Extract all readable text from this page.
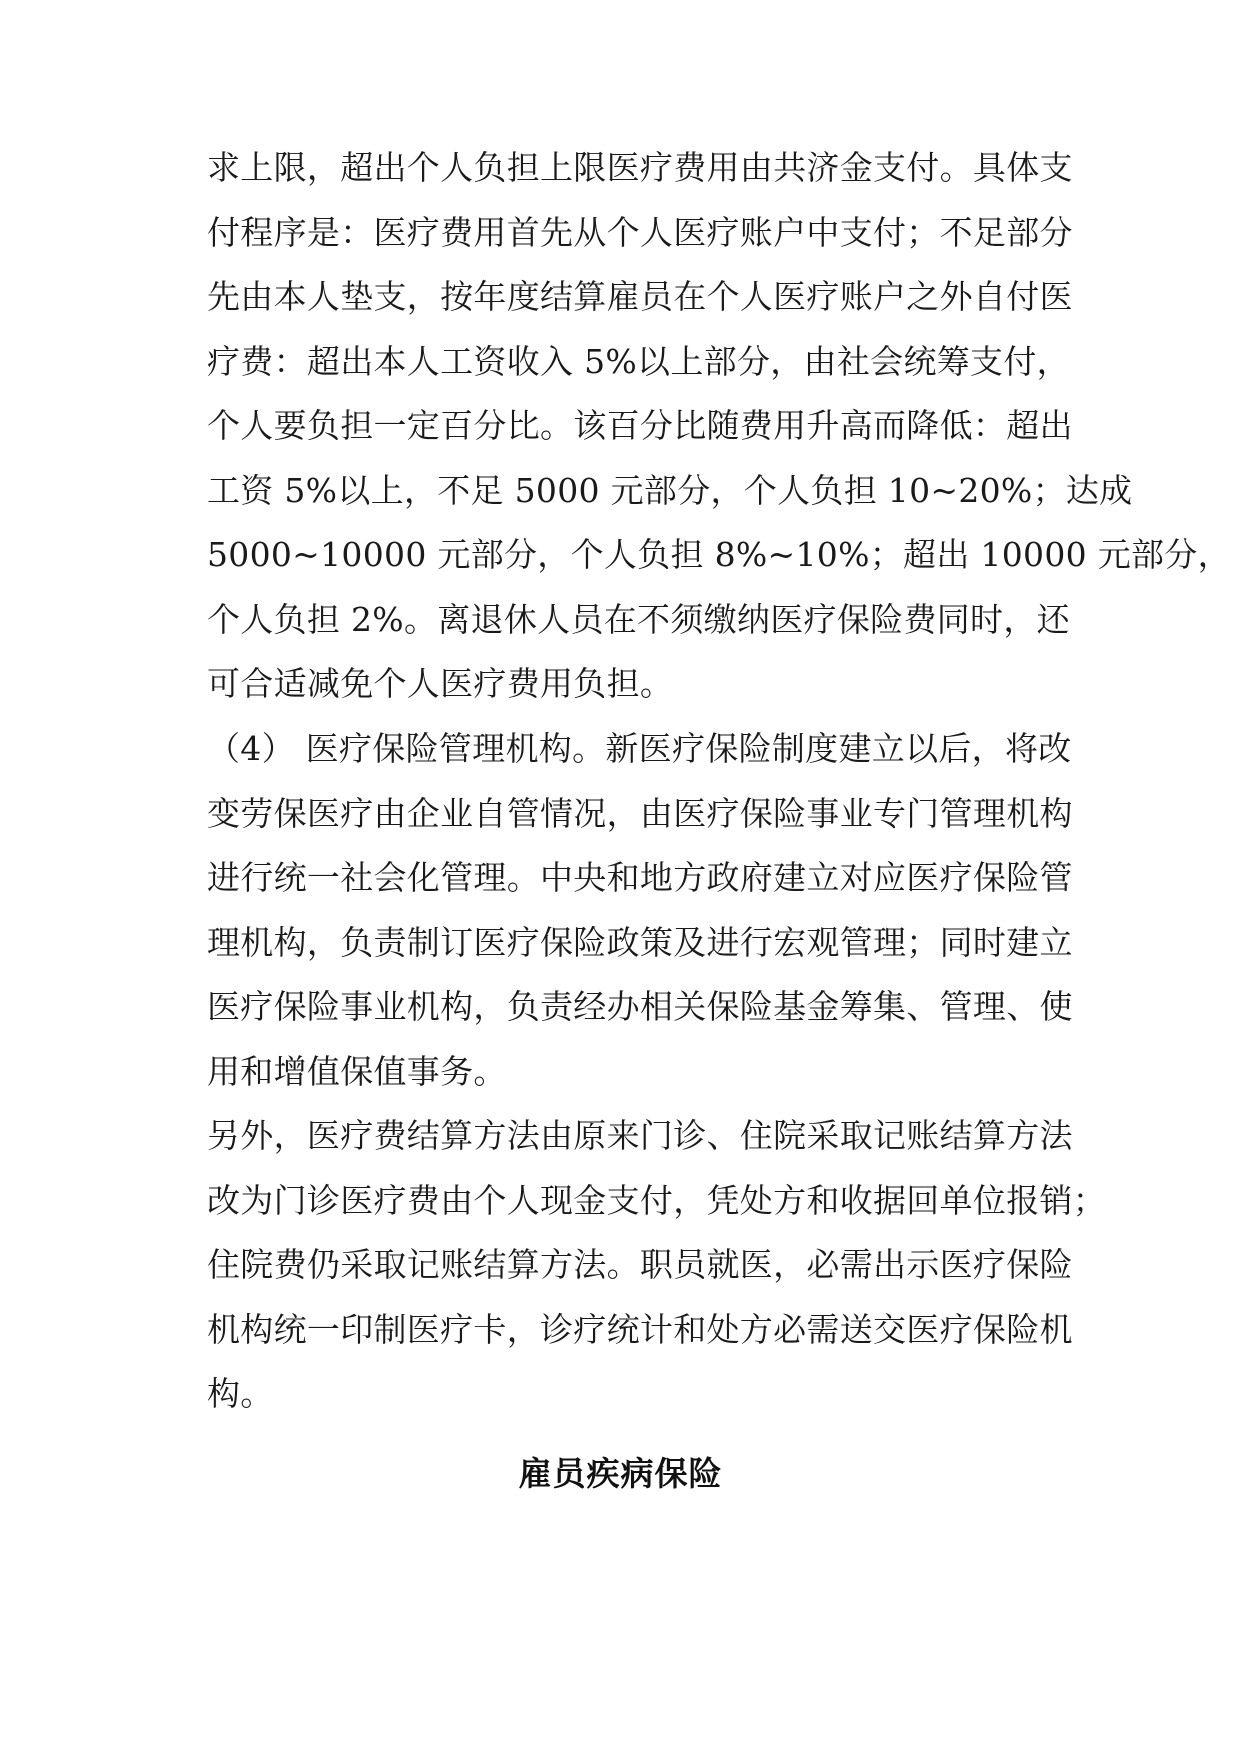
求上限，超出个人负担上限医疗费用由共济金支付。具体支
付程序是：医疗费用首先从个人医疗账户中支付；不足部分
先由本人垫支，按年度结算雇员在个人医疗账户之外自付医
疗费：超出本人工资收入 5%以上部分，由社会统筹支付，
个人要负担一定百分比。该百分比随费用升高而降低：超出
工资 5%以上，不足 5000 元部分，个人负担 10~20%；达成
5000~10000 元部分，个人负担 8%~10%；超出 10000 元部分，
个人负担 2%。离退休人员在不须缴纳医疗保险费同时，还
可合适减免个人医疗费用负担。
（4） 医疗保险管理机构。新医疗保险制度建立以后，将改
变劳保医疗由企业自管情况，由医疗保险事业专门管理机构
进行统一社会化管理。中央和地方政府建立对应医疗保险管
理机构，负责制订医疗保险政策及进行宏观管理；同时建立
医疗保险事业机构，负责经办相关保险基金筹集、管理、使
用和增值保值事务。
另外，医疗费结算方法由原来门诊、住院采取记账结算方法
改为门诊医疗费由个人现金支付，凭处方和收据回单位报销；
住院费仍采取记账结算方法。职员就医，必需出示医疗保险
机构统一印制医疗卡，诊疗统计和处方必需送交医疗保险机
构。
雇员疾病保险
